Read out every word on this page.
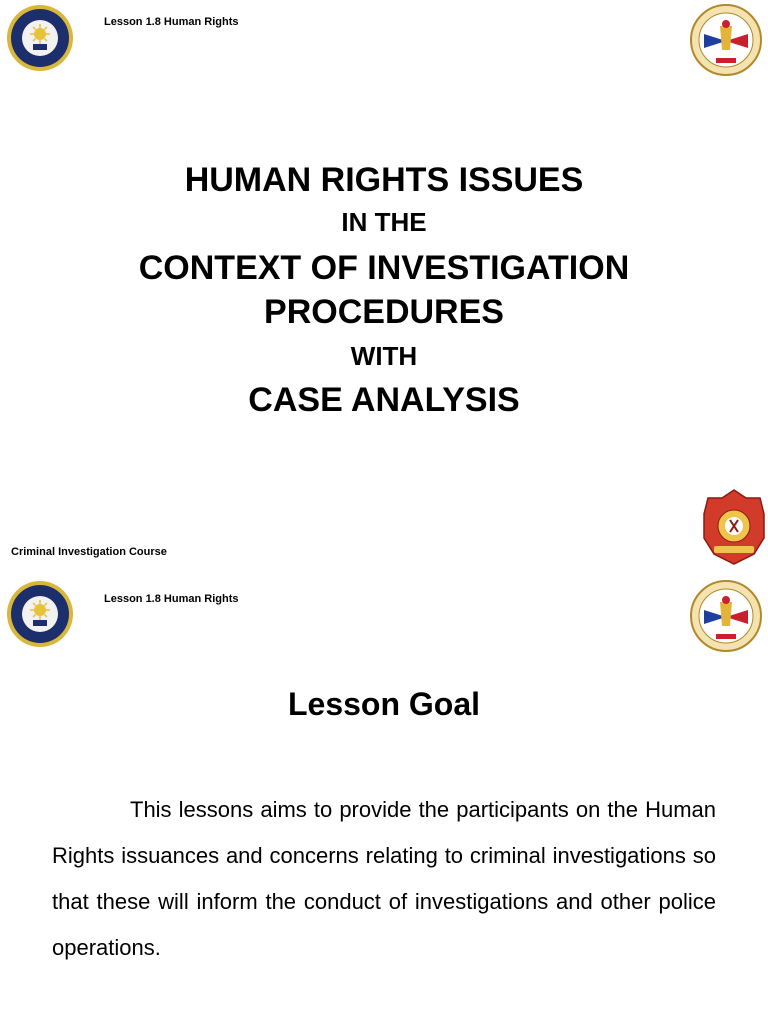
Lesson 1.8 Human Rights
HUMAN RIGHTS ISSUES
IN THE
CONTEXT OF INVESTIGATION
PROCEDURES
WITH
CASE ANALYSIS
Criminal Investigation Course
Lesson 1.8 Human Rights
Lesson Goal
This lessons aims to provide the participants on the Human Rights issuances and concerns relating to criminal investigations so that these will inform the conduct of investigations and other police operations.
